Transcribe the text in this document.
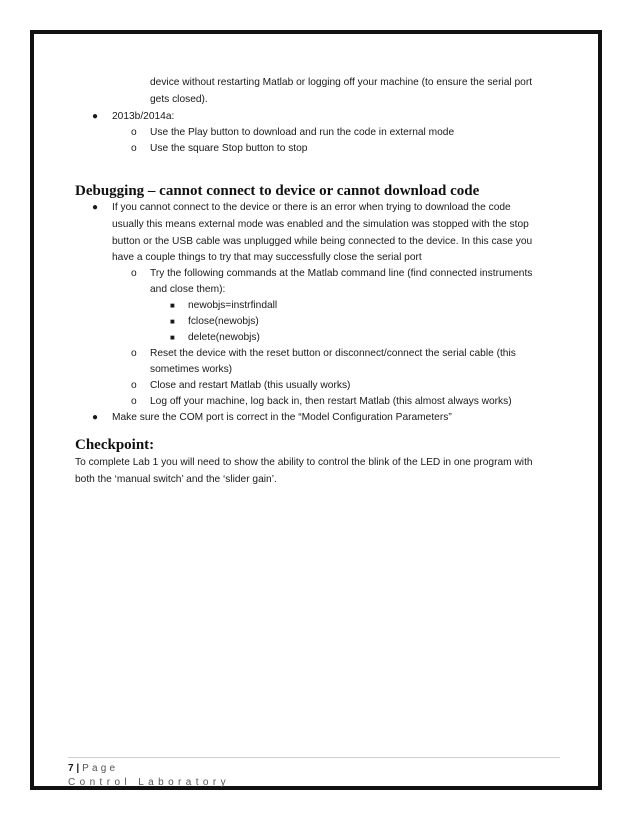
device without restarting Matlab or logging off your machine (to ensure the serial port
gets closed).
● 2013b/2014a:
o Use the Play button to download and run the code in external mode
o Use the square Stop button to stop
Debugging – cannot connect to device or cannot download code
● If you cannot connect to the device or there is an error when trying to download the code
usually this means external mode was enabled and the simulation was stopped with the stop
button or the USB cable was unplugged while being connected to the device. In this case you
have a couple things to try that may successfully close the serial port
o Try the following commands at the Matlab command line (find connected instruments
and close them):
■ newobjs=instrfindall
■ fclose(newobjs)
■ delete(newobjs)
o Reset the device with the reset button or disconnect/connect the serial cable (this
sometimes works)
o Close and restart Matlab (this usually works)
o Log off your machine, log back in, then restart Matlab (this almost always works)
● Make sure the COM port is correct in the “Model Configuration Parameters”
Checkpoint:
To complete Lab 1 you will need to show the ability to control the blink of the LED in one program with
both the ‘manual switch’ and the ‘slider gain’.
7 | Page
Control Laboratory
